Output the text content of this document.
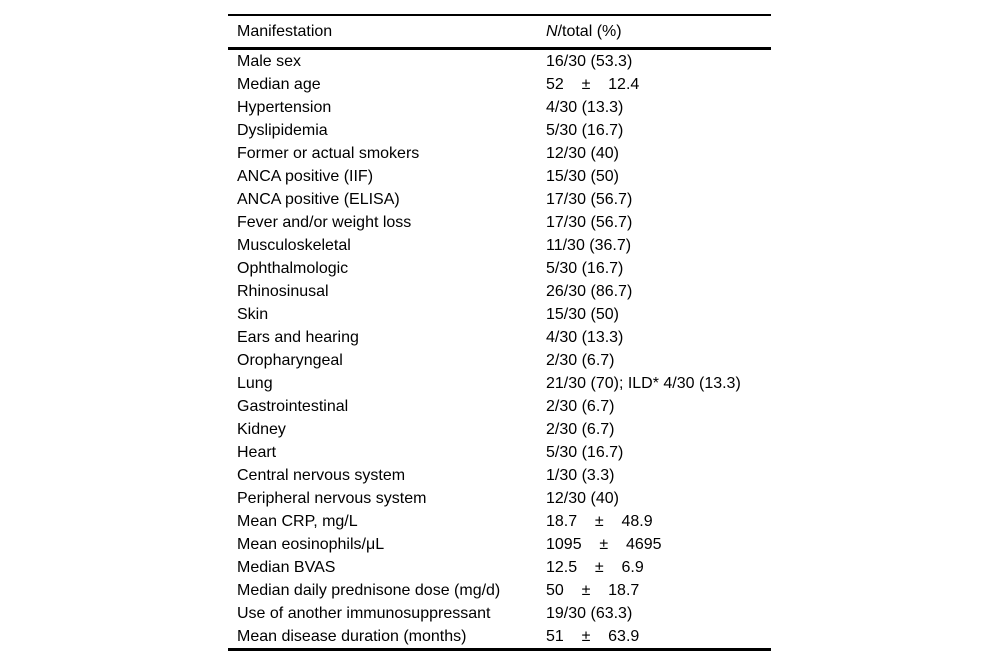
Manifestation	N/total (%)
Male sex	16/30 (53.3)
Median age	52    ±    12.4
Hypertension	4/30 (13.3)
Dyslipidemia	5/30 (16.7)
Former or actual smokers	12/30 (40)
ANCA positive (IIF)	15/30 (50)
ANCA positive (ELISA)	17/30 (56.7)
Fever and/or weight loss	17/30 (56.7)
Musculoskeletal	11/30 (36.7)
Ophthalmologic	5/30 (16.7)
Rhinosinusal	26/30 (86.7)
Skin	15/30 (50)
Ears and hearing	4/30 (13.3)
Oropharyngeal	2/30 (6.7)
Lung	21/30 (70); ILD* 4/30 (13.3)
Gastrointestinal	2/30 (6.7)
Kidney	2/30 (6.7)
Heart	5/30 (16.7)
Central nervous system	1/30 (3.3)
Peripheral nervous system	12/30 (40)
Mean CRP, mg/L	18.7    ±    48.9
Mean eosinophils/μL	1095    ±    4695
Median BVAS	12.5    ±    6.9
Median daily prednisone dose (mg/d)	50    ±    18.7
Use of another immunosuppressant	19/30 (63.3)
Mean disease duration (months)	51    ±    63.9
